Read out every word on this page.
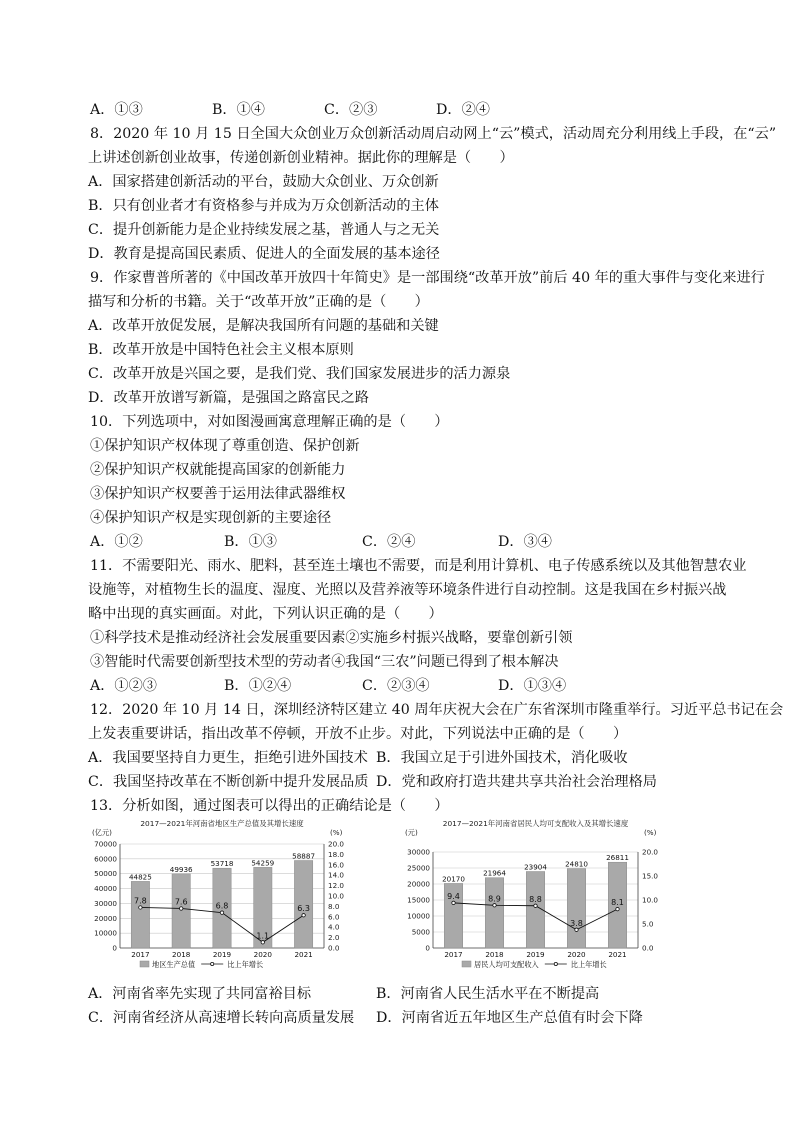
A．①③	B．①④	C．②③	D．②④
8．2020 年 10 月 15 日全国大众创业万众创新活动周启动网上“云”模式，活动周充分利用线上手段，在“云”
上讲述创新创业故事，传递创新创业精神。据此你的理解是（　　）
A．国家搭建创新活动的平台，鼓励大众创业、万众创新
B．只有创业者才有资格参与并成为万众创新活动的主体
C．提升创新能力是企业持续发展之基，普通人与之无关
D．教育是提高国民素质、促进人的全面发展的基本途径
9．作家曹普所著的《中国改革开放四十年简史》是一部围绕“改革开放”前后 40 年的重大事件与变化来进行
描写和分析的书籍。关于“改革开放”正确的是（　　）
A．改革开放促发展，是解决我国所有问题的基础和关键
B．改革开放是中国特色社会主义根本原则
C．改革开放是兴国之要，是我们党、我们国家发展进步的活力源泉
D．改革开放谱写新篇，是强国之路富民之路
10．下列选项中，对如图漫画寓意理解正确的是（　　）
①保护知识产权体现了尊重创造、保护创新
②保护知识产权就能提高国家的创新能力
③保护知识产权要善于运用法律武器维权
④保护知识产权是实现创新的主要途径
A．①②	B．①③	C．②④	D．③④
11．不需要阳光、雨水、肥料，甚至连土壤也不需要，而是利用计算机、电子传感系统以及其他智慧农业
设施等，对植物生长的温度、湿度、光照以及营养液等环境条件进行自动控制。这是我国在乡村振兴战
略中出现的真实画面。对此，下列认识正确的是（　　）
①科学技术是推动经济社会发展重要因素②实施乡村振兴战略，要靠创新引领
③智能时代需要创新型技术型的劳动者④我国“三农”问题已得到了根本解决
A．①②③	B．①②④	C．②③④	D．①③④
12．2020 年 10 月 14 日，深圳经济特区建立 40 周年庆祝大会在广东省深圳市隆重举行。习近平总书记在会
上发表重要讲话，指出改革不停顿，开放不止步。对此，下列说法中正确的是（　　）
A．我国要坚持自力更生，拒绝引进外国技术 B．我国立足于引进外国技术，消化吸收
C．我国坚持改革在不断创新中提升发展品质 D．党和政府打造共建共享共治社会治理格局
13．分析如图，通过图表可以得出的正确结论是（　　）
2017—2021年河南省地区生产总值及其增长速度
(亿元)	(%)
0
10000
20000
30000
40000
50000
60000
70000
0.0
2.0
4.0
6.0
8.0
10.0
12.0
14.0
16.0
18.0
20.0
44825
2017
49936
2018
53718
2019
54259
2020
58887
2021
7.8	7.6	6.8
1.1
6.3
地区生产总值	比上年增长
2017—2021年河南省居民人均可支配收入及其增长速度
(元)	(%)
0
5000
10000
15000
20000
25000
30000
0.0
5.0
10.0
15.0
20.0
20170
2017
21964
2018
23904
2019
24810
2020
26811
2021
9.4	8.9	8.8
3.8
8.1
居民人均可支配收入	比上年增长
A．河南省率先实现了共同富裕目标	B．河南省人民生活水平在不断提高
C．河南省经济从高速增长转向高质量发展 D．河南省近五年地区生产总值有时会下降
